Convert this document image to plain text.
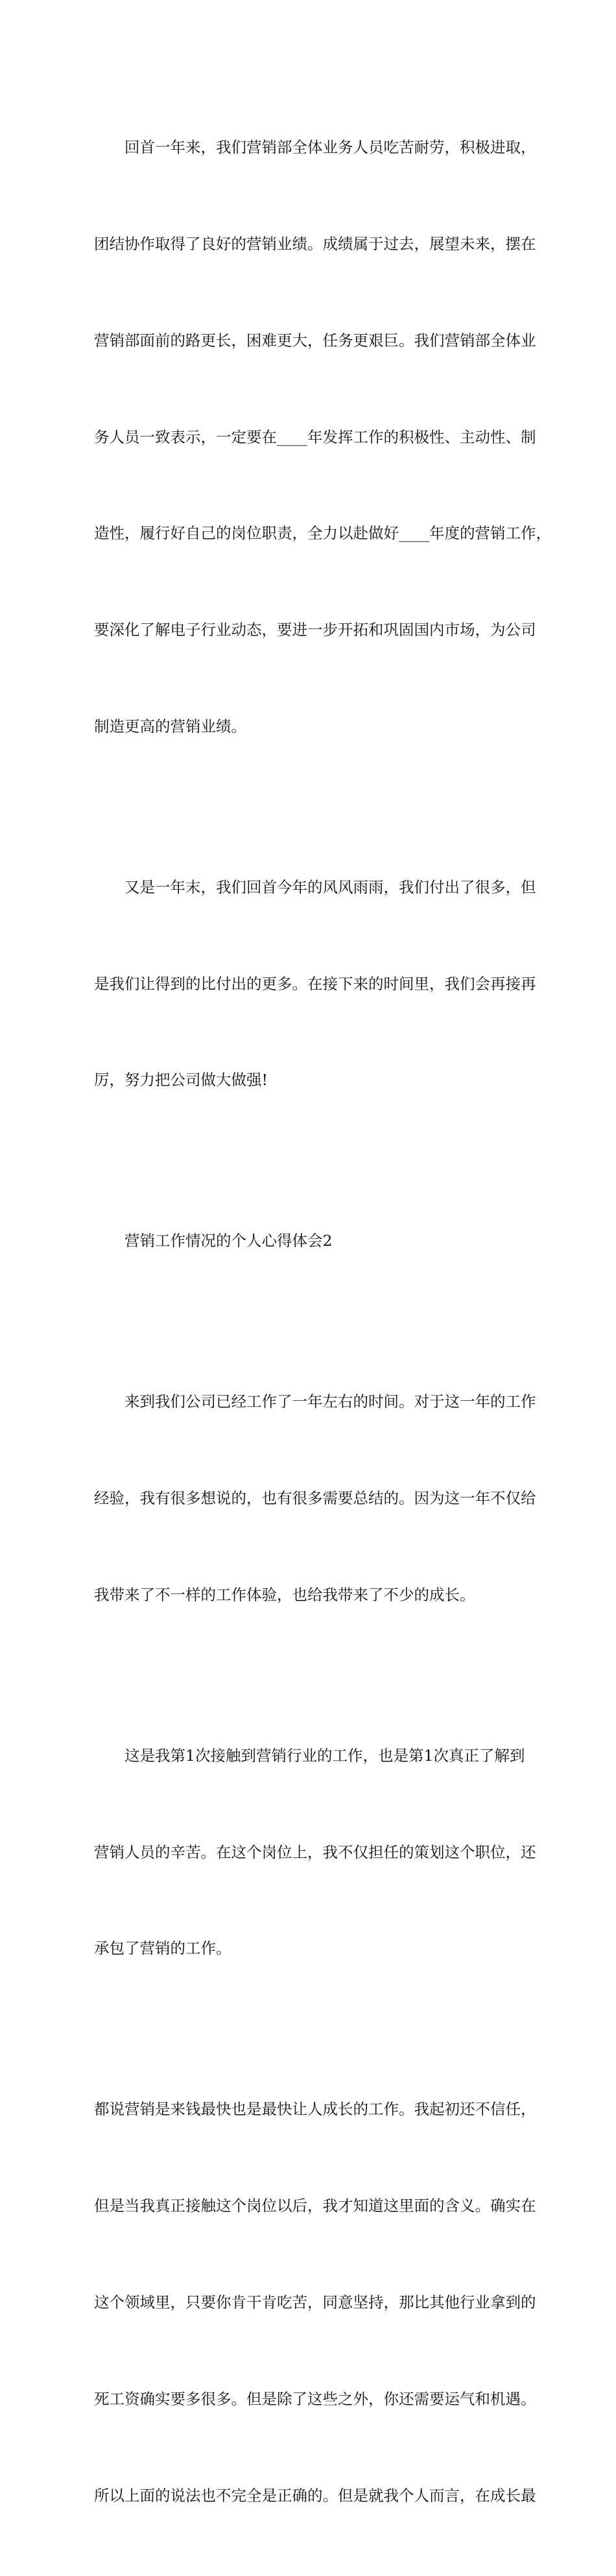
回首一年来，我们营销部全体业务人员吃苦耐劳，积极进取，

团结协作取得了良好的营销业绩。成绩属于过去，展望未来，摆在

营销部面前的路更长，困难更大，任务更艰巨。我们营销部全体业

务人员一致表示，一定要在____年发挥工作的积极性、主动性、制

造性，履行好自己的岗位职责，全力以赴做好____年度的营销工作，

要深化了解电子行业动态，要进一步开拓和巩固国内市场，为公司

制造更高的营销业绩。

又是一年末，我们回首今年的风风雨雨，我们付出了很多，但

是我们让得到的比付出的更多。在接下来的时间里，我们会再接再

厉，努力把公司做大做强!

营销工作情况的个人心得体会2

来到我们公司已经工作了一年左右的时间。对于这一年的工作

经验，我有很多想说的，也有很多需要总结的。因为这一年不仅给

我带来了不一样的工作体验，也给我带来了不少的成长。

这是我第1次接触到营销行业的工作，也是第1次真正了解到

营销人员的辛苦。在这个岗位上，我不仅担任的策划这个职位，还

承包了营销的工作。

都说营销是来钱最快也是最快让人成长的工作。我起初还不信任，

但是当我真正接触这个岗位以后，我才知道这里面的含义。确实在

这个领域里，只要你肯干肯吃苦，同意坚持，那比其他行业拿到的

死工资确实要多很多。但是除了这些之外，你还需要运气和机遇。

所以上面的说法也不完全是正确的。但是就我个人而言，在成长最
